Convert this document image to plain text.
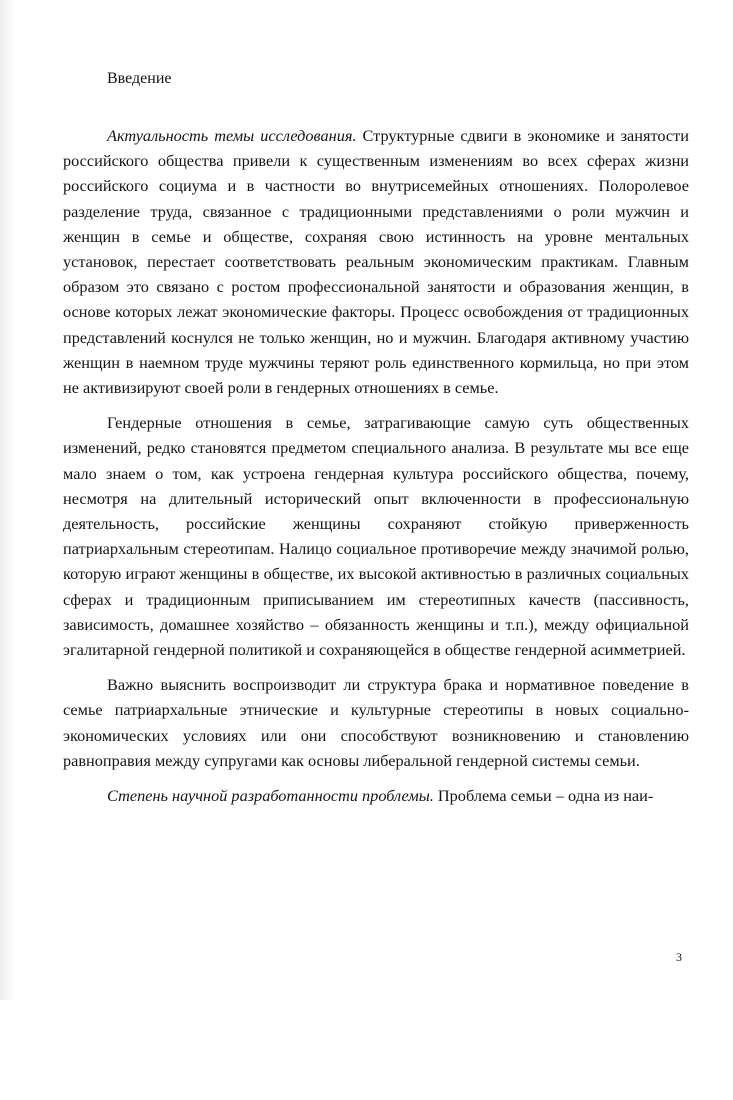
Введение

Актуальность темы исследования. Структурные сдвиги в экономике и занятости российского общества привели к существенным изменениям во всех сферах жизни российского социума и в частности во внутрисемейных отношениях. Полоролевое разделение труда, связанное с традиционными представлениями о роли мужчин и женщин в семье и обществе, сохраняя свою истинность на уровне ментальных установок, перестает соответствовать реальным экономическим практикам. Главным образом это связано с ростом профессиональной занятости и образования женщин, в основе которых лежат экономические факторы. Процесс освобождения от традиционных представлений коснулся не только женщин, но и мужчин. Благодаря активному участию женщин в наемном труде мужчины теряют роль единственного кормильца, но при этом не активизируют своей роли в гендерных отношениях в семье.

Гендерные отношения в семье, затрагивающие самую суть общественных изменений, редко становятся предметом специального анализа. В результате мы все еще мало знаем о том, как устроена гендерная культура российского общества, почему, несмотря на длительный исторический опыт включенности в профессиональную деятельность, российские женщины сохраняют стойкую приверженность патриархальным стереотипам. Налицо социальное противоречие между значимой ролью, которую играют женщины в обществе, их высокой активностью в различных социальных сферах и традиционным приписыванием им стереотипных качеств (пассивность, зависимость, домашнее хозяйство – обязанность женщины и т.п.), между официальной эгалитарной гендерной политикой и сохраняющейся в обществе гендерной асимметрией.

Важно выяснить воспроизводит ли структура брака и нормативное поведение в семье патриархальные этнические и культурные стереотипы в новых социально-экономических условиях или они способствуют возникновению и становлению равноправия между супругами как основы либеральной гендерной системы семьи.

Степень научной разработанности проблемы. Проблема семьи – одна из наи-

3
